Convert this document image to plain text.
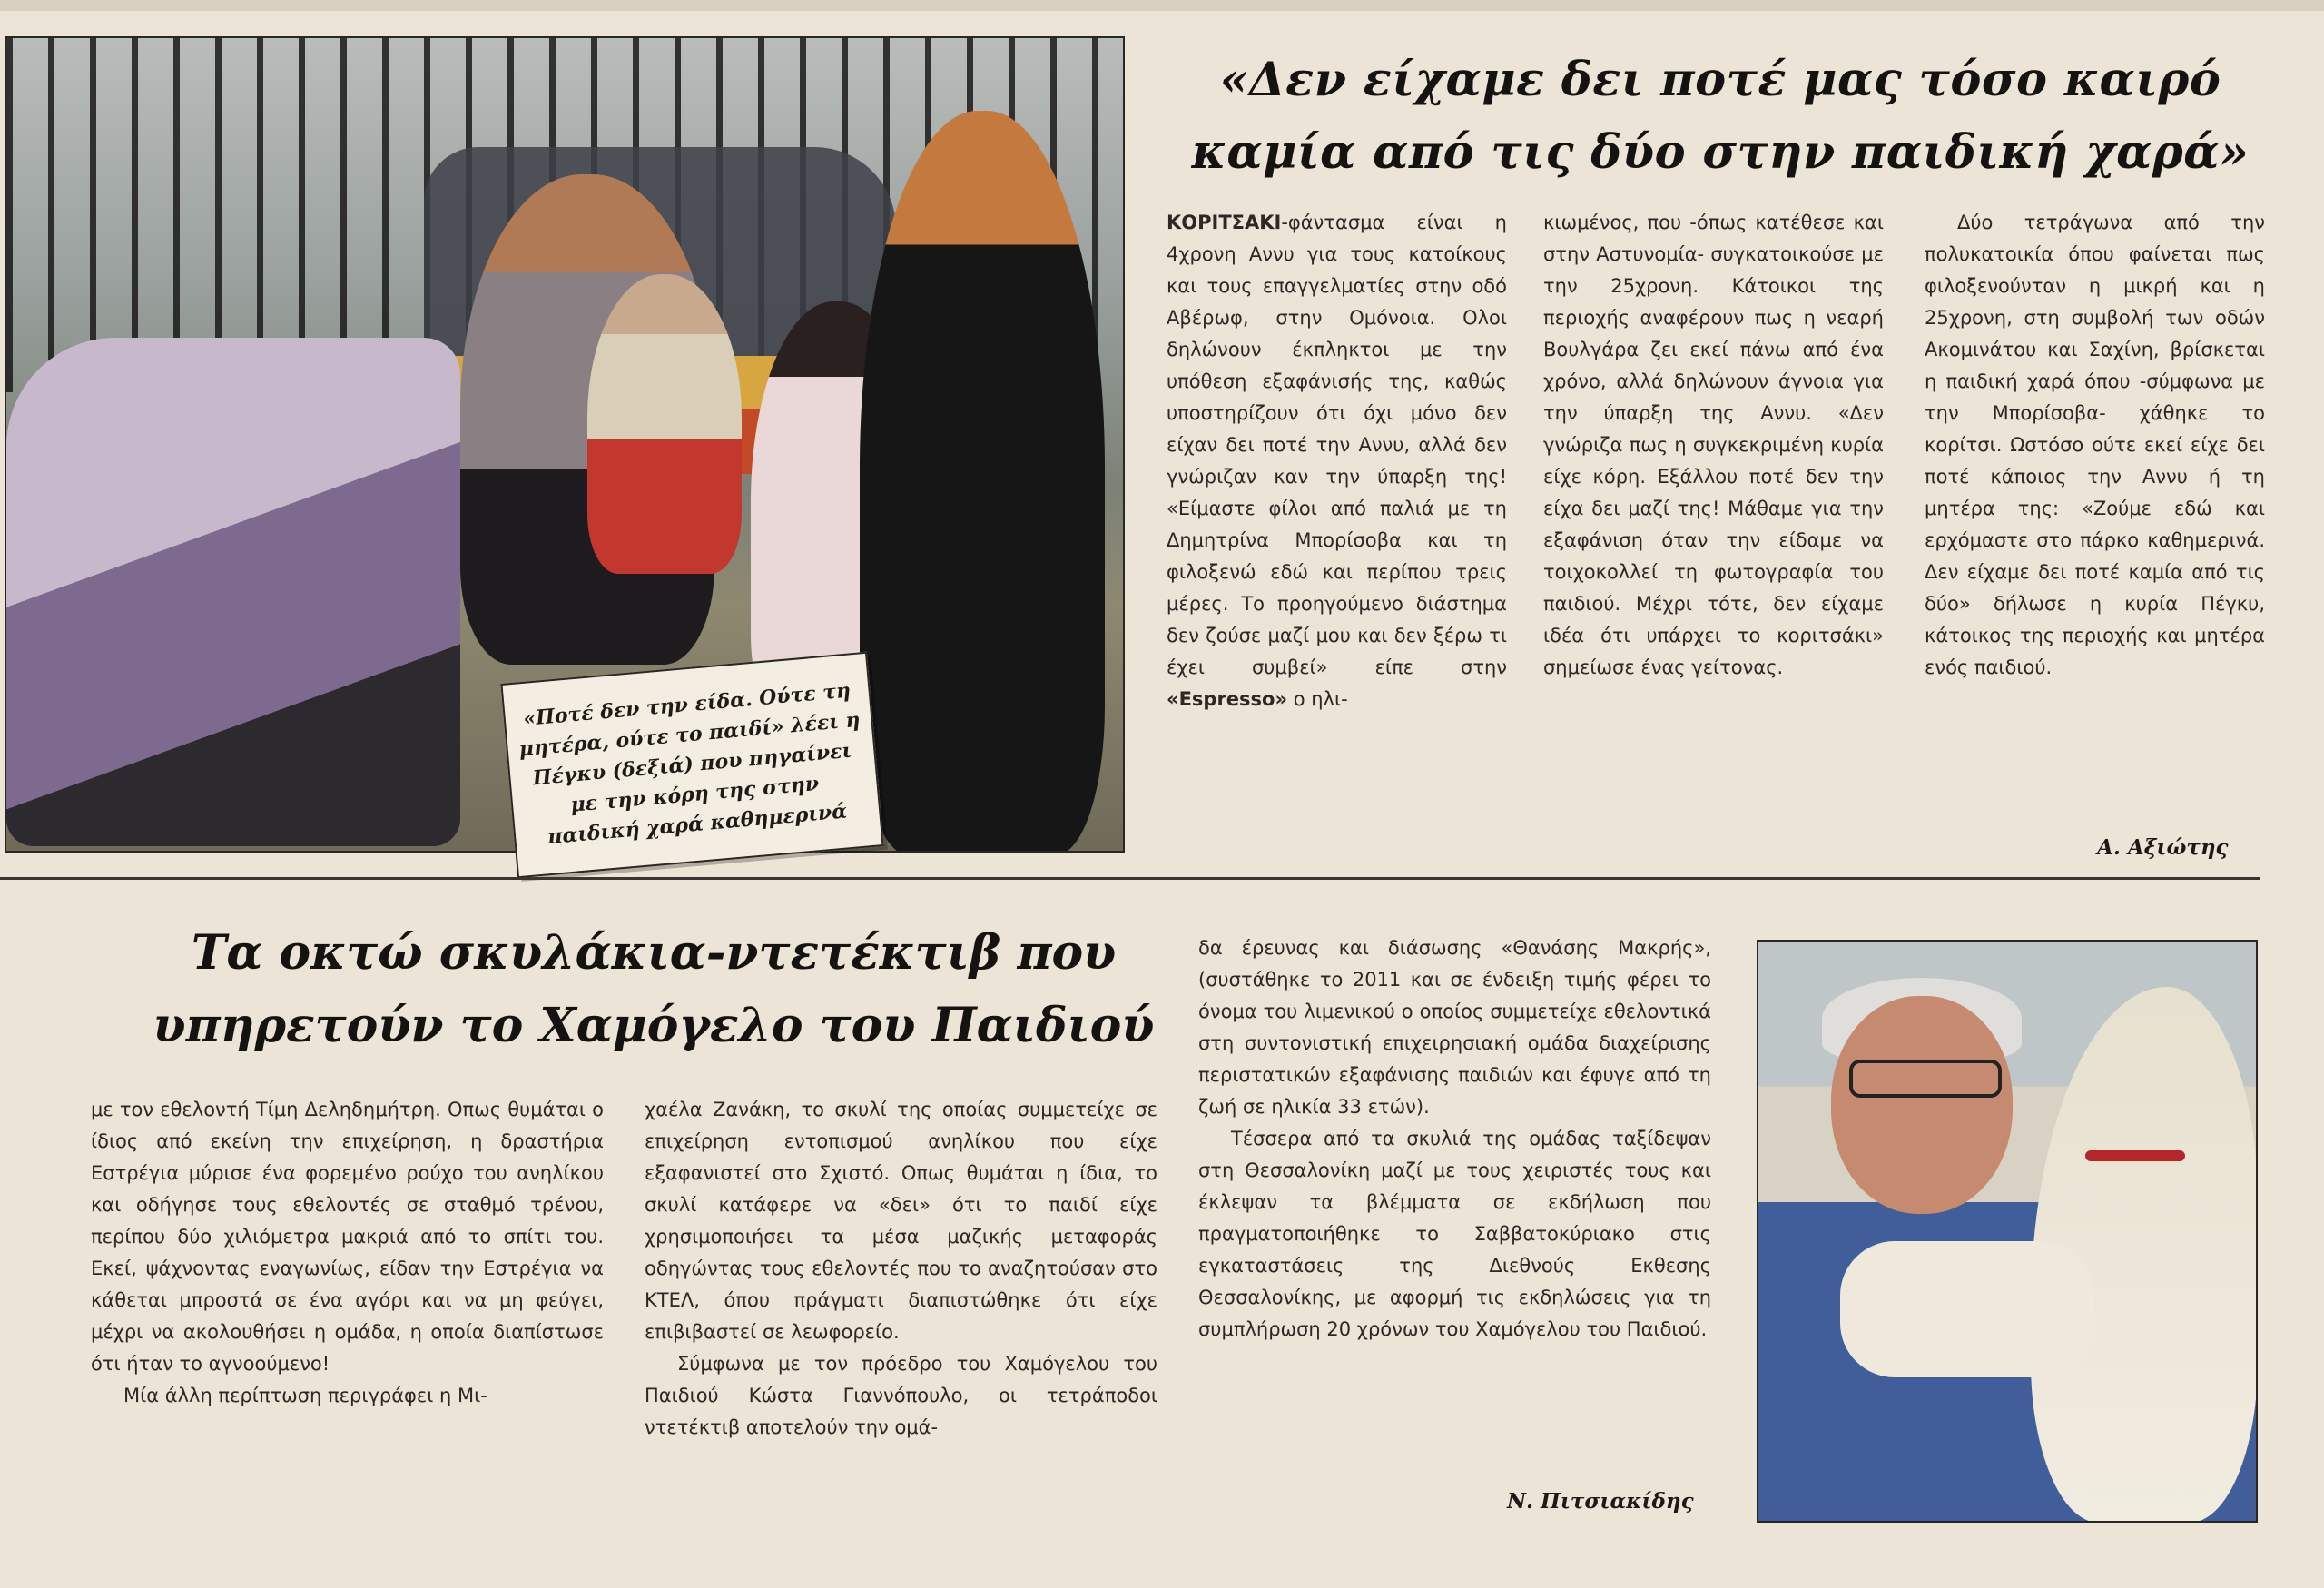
«Ποτέ δεν την είδα. Ούτε τη μητέρα, ούτε το παιδί» λέει η Πέγκυ (δεξιά) που πηγαίνει με την κόρη της στην παιδική χαρά καθημερινά
«Δεν είχαμε δει ποτέ μας τόσο καιρό καμία από τις δύο στην παιδική χαρά»

ΚΟΡΙΤΣΑΚΙ-φάντασμα είναι η 4χρονη Αννυ για τους κατοίκους και τους επαγγελματίες στην οδό Αβέρωφ, στην Ομόνοια. Ολοι δηλώνουν έκπληκτοι με την υπόθεση εξαφάνισής της, καθώς υποστηρίζουν ότι όχι μόνο δεν είχαν δει ποτέ την Αννυ, αλλά δεν γνώριζαν καν την ύπαρξη της! «Είμαστε φίλοι από παλιά με τη Δημητρίνα Μπορίσοβα και τη φιλοξενώ εδώ και περίπου τρεις μέρες. Το προηγούμενο διάστημα δεν ζούσε μαζί μου και δεν ξέρω τι έχει συμβεί» είπε στην «Espresso» ο ηλι-

κιωμένος, που -όπως κατέθεσε και στην Αστυνομία- συγκατοικούσε με την 25χρονη. Κάτοικοι της περιοχής αναφέρουν πως η νεαρή Βουλγάρα ζει εκεί πάνω από ένα χρόνο, αλλά δηλώνουν άγνοια για την ύπαρξη της Αννυ. «Δεν γνώριζα πως η συγκεκριμένη κυρία είχε κόρη. Εξάλλου ποτέ δεν την είχα δει μαζί της! Μάθαμε για την εξαφάνιση όταν την είδαμε να τοιχοκολλεί τη φωτογραφία του παιδιού. Μέχρι τότε, δεν είχαμε ιδέα ότι υπάρχει το κοριτσάκι» σημείωσε ένας γείτονας.

Δύο τετράγωνα από την πολυκατοικία όπου φαίνεται πως φιλοξενούνταν η μικρή και η 25χρονη, στη συμβολή των οδών Ακομινάτου και Σαχίνη, βρίσκεται η παιδική χαρά όπου -σύμφωνα με την Μπορίσοβα- χάθηκε το κορίτσι. Ωστόσο ούτε εκεί είχε δει ποτέ κάποιος την Αννυ ή τη μητέρα της: «Ζούμε εδώ και ερχόμαστε στο πάρκο καθημερινά. Δεν είχαμε δει ποτέ καμία από τις δύο» δήλωσε η κυρία Πέγκυ, κάτοικος της περιοχής και μητέρα ενός παιδιού.

Α. Αξιώτης
Τα οκτώ σκυλάκια-ντετέκτιβ που υπηρετούν το Χαμόγελο του Παιδιού

με τον εθελοντή Τίμη Δεληδημήτρη. Οπως θυμάται ο ίδιος από εκείνη την επιχείρηση, η δραστήρια Εστρέγια μύρισε ένα φορεμένο ρούχο του ανηλίκου και οδήγησε τους εθελοντές σε σταθμό τρένου, περίπου δύο χιλιόμετρα μακριά από το σπίτι του. Εκεί, ψάχνοντας εναγωνίως, είδαν την Εστρέγια να κάθεται μπροστά σε ένα αγόρι και να μη φεύγει, μέχρι να ακολουθήσει η ομάδα, η οποία διαπίστωσε ότι ήταν το αγνοούμενο!

Μία άλλη περίπτωση περιγράφει η Μι-

χαέλα Ζανάκη, το σκυλί της οποίας συμμετείχε σε επιχείρηση εντοπισμού ανηλίκου που είχε εξαφανιστεί στο Σχιστό. Οπως θυμάται η ίδια, το σκυλί κατάφερε να «δει» ότι το παιδί είχε χρησιμοποιήσει τα μέσα μαζικής μεταφοράς οδηγώντας τους εθελοντές που το αναζητούσαν στο ΚΤΕΛ, όπου πράγματι διαπιστώθηκε ότι είχε επιβιβαστεί σε λεωφορείο.

Σύμφωνα με τον πρόεδρο του Χαμόγελου του Παιδιού Κώστα Γιαννόπουλο, οι τετράποδοι ντετέκτιβ αποτελούν την ομά-

δα έρευνας και διάσωσης «Θανάσης Μακρής», (συστάθηκε το 2011 και σε ένδειξη τιμής φέρει το όνομα του λιμενικού ο οποίος συμμετείχε εθελοντικά στη συντονιστική επιχειρησιακή ομάδα διαχείρισης περιστατικών εξαφάνισης παιδιών και έφυγε από τη ζωή σε ηλικία 33 ετών).

Τέσσερα από τα σκυλιά της ομάδας ταξίδεψαν στη Θεσσαλονίκη μαζί με τους χειριστές τους και έκλεψαν τα βλέμματα σε εκδήλωση που πραγματοποιήθηκε το Σαββατοκύριακο στις εγκαταστάσεις της Διεθνούς Εκθεσης Θεσσαλονίκης, με αφορμή τις εκδηλώσεις για τη συμπλήρωση 20 χρόνων του Χαμόγελου του Παιδιού.

Ν. Πιτσιακίδης
